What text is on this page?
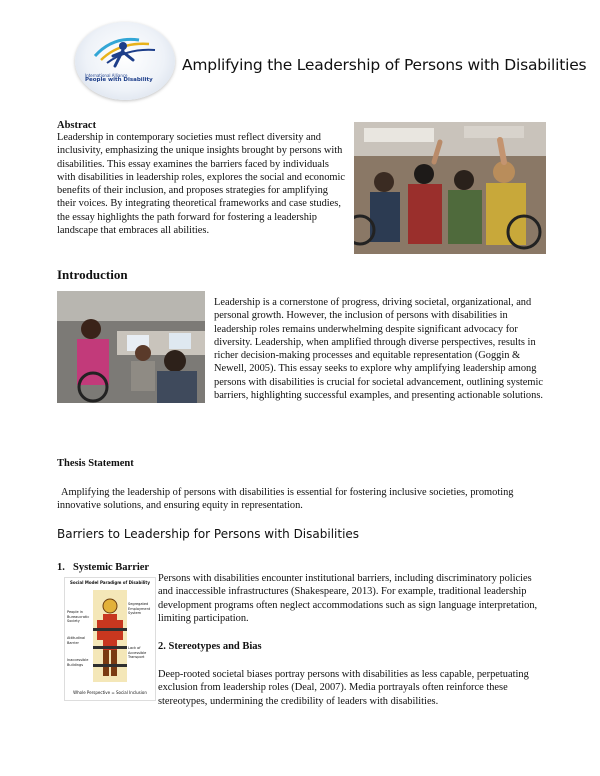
International Alliance
People with Disability
Amplifying the Leadership of Persons with Disabilities
Abstract

Leadership in contemporary societies must reflect diversity and inclusivity, emphasizing the unique insights brought by persons with disabilities. This essay examines the barriers faced by individuals with disabilities in leadership roles, explores the social and economic benefits of their inclusion, and proposes strategies for amplifying their voices. By integrating theoretical frameworks and case studies, the essay highlights the path forward for fostering a leadership landscape that embraces all abilities.

Introduction

Leadership is a cornerstone of progress, driving societal, organizational, and personal growth. However, the inclusion of persons with disabilities in leadership roles remains underwhelming despite significant advocacy for diversity. Leadership, when amplified through diverse perspectives, results in richer decision-making processes and equitable representation (Goggin & Newell, 2005). This essay seeks to explore why amplifying leadership among persons with disabilities is crucial for societal advancement, outlining systemic barriers, highlighting successful examples, and presenting actionable solutions.

Thesis Statement

Amplifying the leadership of persons with disabilities is essential for fostering inclusive societies, promoting innovative solutions, and ensuring equity in representation.

Barriers to Leadership for Persons with Disabilities
1. Systemic Barrier
Social Model Paradigm of Disability
People in Bureaucratic Society
Attitudinal Barrier
Inaccessible Buildings
Segregated Employment System
Lack of Accessible Transport
Whole Perspective = Social Inclusion

Persons with disabilities encounter institutional barriers, including discriminatory policies and inaccessible infrastructures (Shakespeare, 2013). For example, traditional leadership development programs often neglect accommodations such as sign language interpretation, limiting participation.

2. Stereotypes and Bias

Deep-rooted societal biases portray persons with disabilities as less capable, perpetuating exclusion from leadership roles (Deal, 2007). Media portrayals often reinforce these stereotypes, undermining the credibility of leaders with disabilities.
